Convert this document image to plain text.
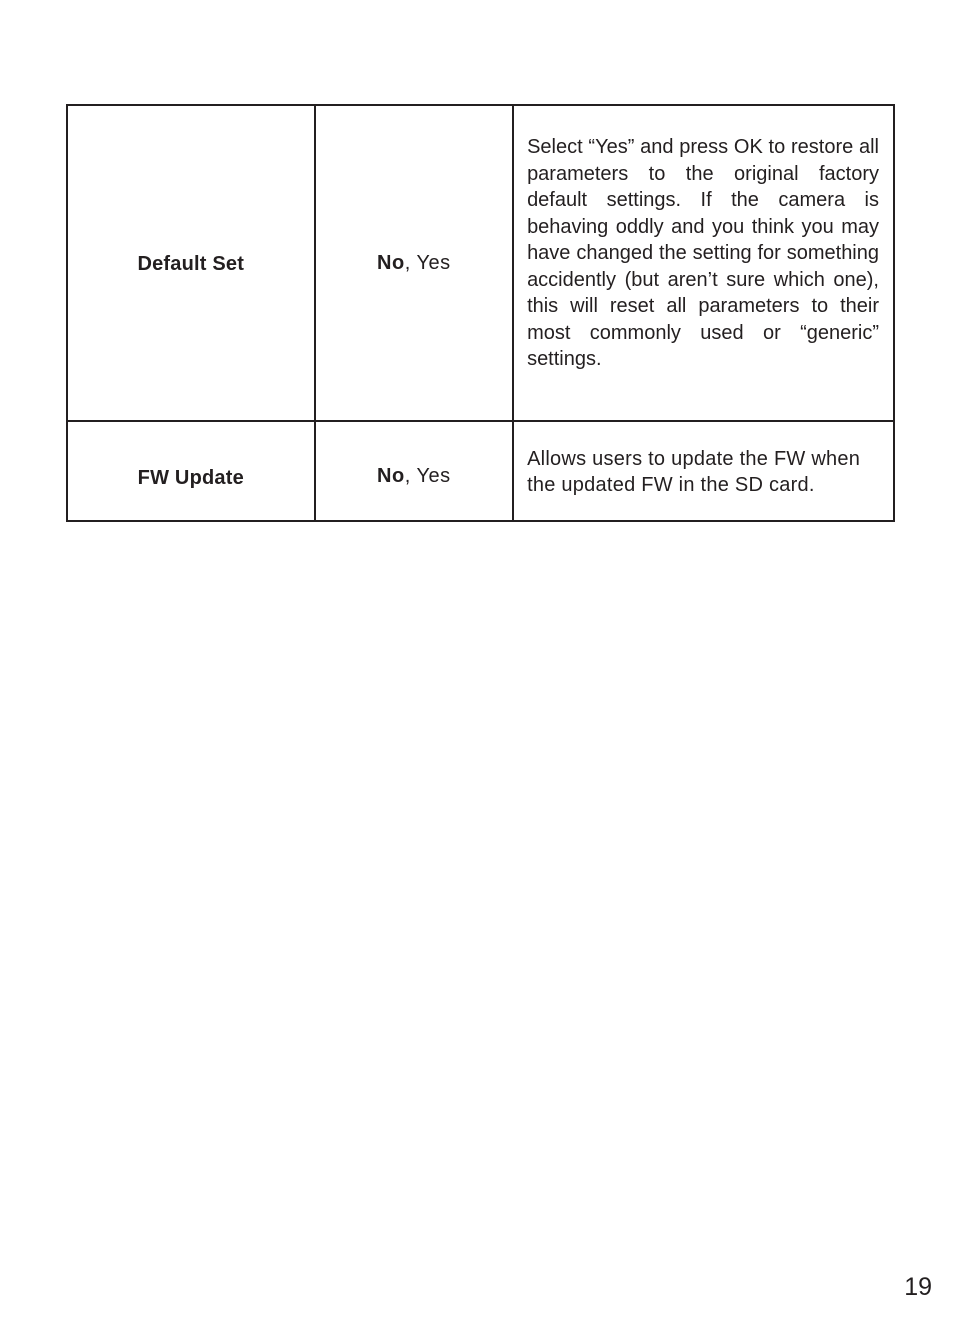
Default Set	No, Yes	Select “Yes” and press OK to restore all parameters to the original factory default settings. If the camera is behaving oddly and you think you may have changed the setting for something accidently (but aren’t sure which one), this will reset all parameters to their most commonly used or “generic” settings.

FW Update	No, Yes	Allows users to update the FW when the updated FW in the SD card.
19
